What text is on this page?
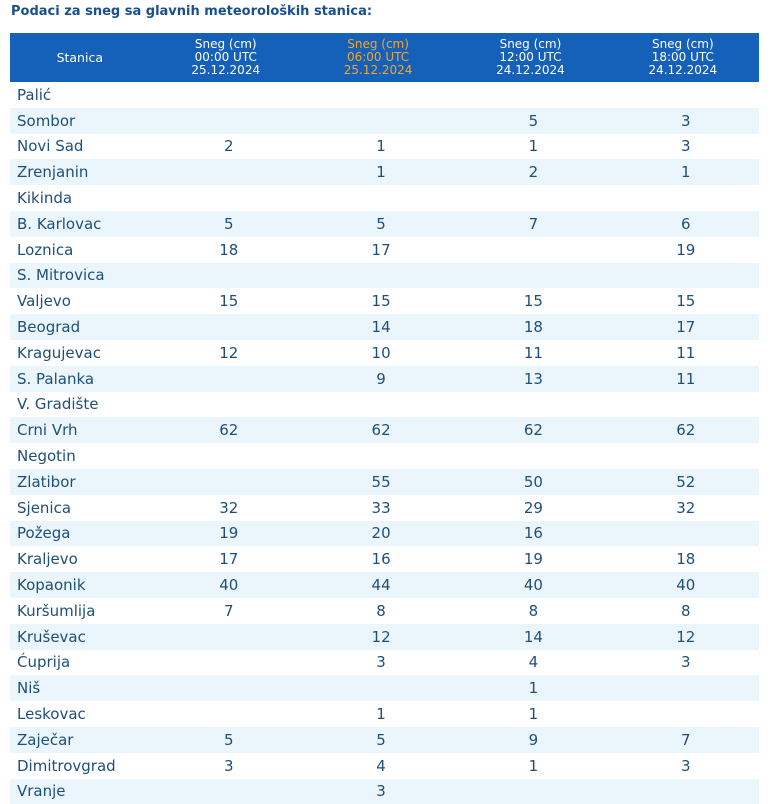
Podaci za sneg sa glavnih meteoroloških stanica:
Stanica	Sneg (cm)
00:00 UTC
25.12.2024	Sneg (cm)
06:00 UTC
25.12.2024	Sneg (cm)
12:00 UTC
24.12.2024	Sneg (cm)
18:00 UTC
24.12.2024

Palić				
Sombor			5	3
Novi Sad	2	1	1	3
Zrenjanin		1	2	1
Kikinda				
B. Karlovac	5	5	7	6
Loznica	18	17		19
S. Mitrovica				
Valjevo	15	15	15	15
Beograd		14	18	17
Kragujevac	12	10	11	11
S. Palanka		9	13	11
V. Gradište				
Crni Vrh	62	62	62	62
Negotin				
Zlatibor		55	50	52
Sjenica	32	33	29	32
Požega	19	20	16	
Kraljevo	17	16	19	18
Kopaonik	40	44	40	40
Kuršumlija	7	8	8	8
Kruševac		12	14	12
Ćuprija		3	4	3
Niš			1	
Leskovac		1	1	
Zaječar	5	5	9	7
Dimitrovgrad	3	4	1	3
Vranje		3		
